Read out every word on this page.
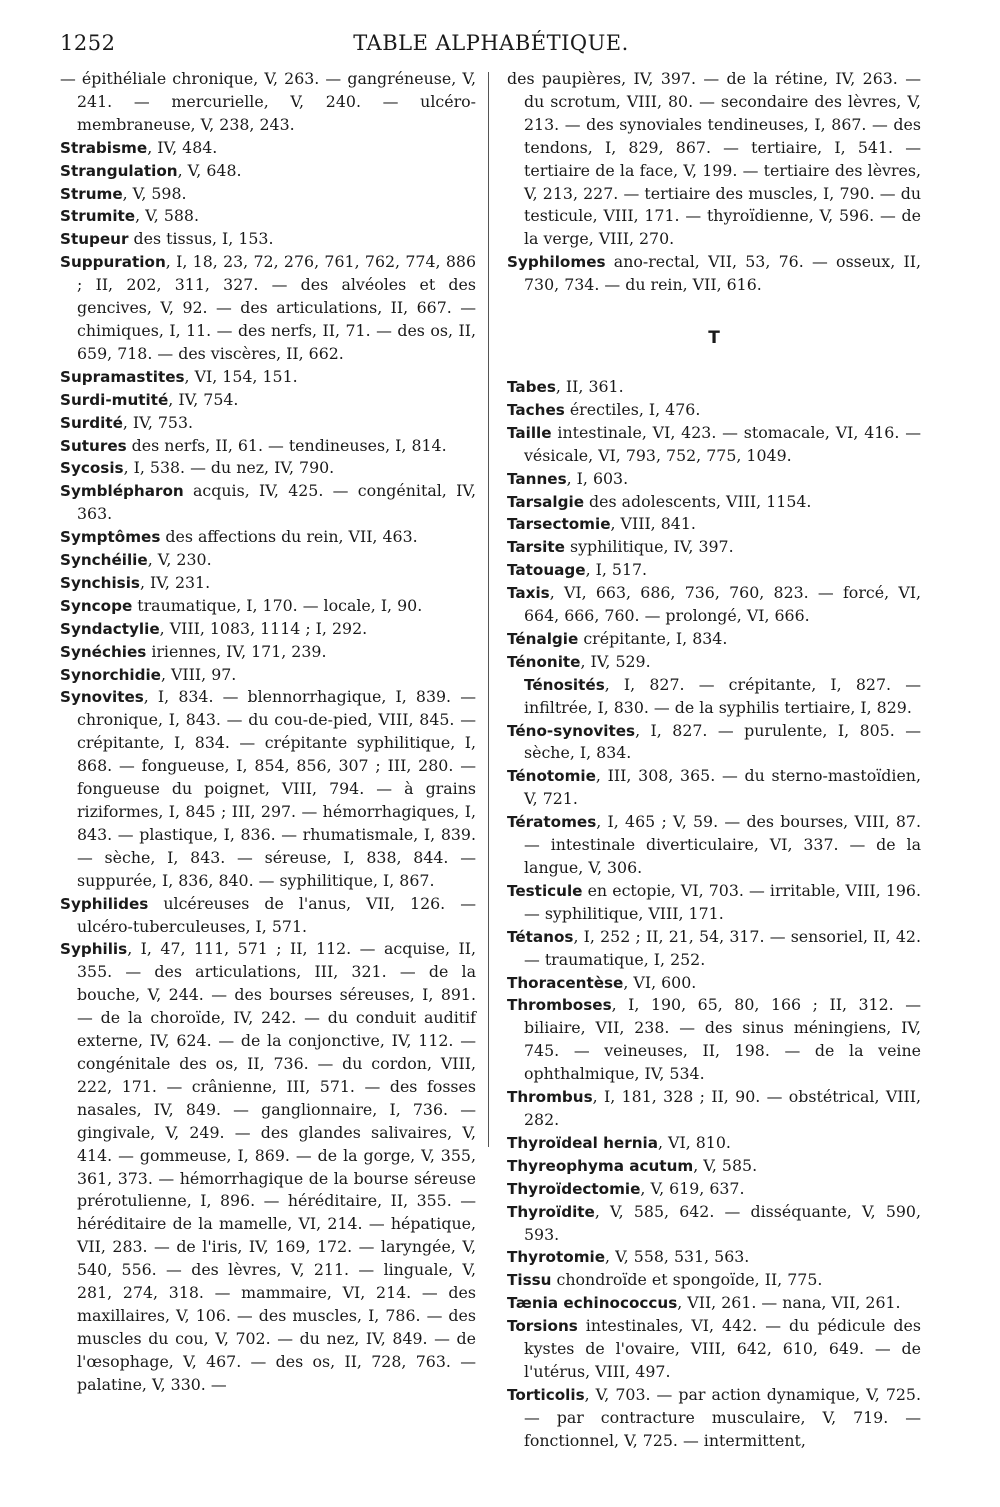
1252	TABLE ALPHABÉTIQUE.
— épithéliale chronique, V, 263. — gangréneuse, V, 241. — mercurielle, V, 240. — ulcéro-membraneuse, V, 238, 243.
Strabisme, IV, 484.
Strangulation, V, 648.
Strume, V, 598.
Strumite, V, 588.
Stupeur des tissus, I, 153.
Suppuration, I, 18, 23, 72, 276, 761, 762, 774, 886 ; II, 202, 311, 327. — des alvéoles et des gencives, V, 92. — des articulations, II, 667. — chimiques, I, 11. — des nerfs, II, 71. — des os, II, 659, 718. — des viscères, II, 662.
Supramastites, VI, 154, 151.
Surdi-mutité, IV, 754.
Surdité, IV, 753.
Sutures des nerfs, II, 61. — tendineuses, I, 814.
Sycosis, I, 538. — du nez, IV, 790.
Symblépharon acquis, IV, 425. — congénital, IV, 363.
Symptômes des affections du rein, VII, 463.
Synchéilie, V, 230.
Synchisis, IV, 231.
Syncope traumatique, I, 170. — locale, I, 90.
Syndactylie, VIII, 1083, 1114 ; I, 292.
Synéchies iriennes, IV, 171, 239.
Synorchidie, VIII, 97.
Synovites, I, 834. — blennorrhagique, I, 839. — chronique, I, 843. — du cou-de-pied, VIII, 845. — crépitante, I, 834. — crépitante syphilitique, I, 868. — fongueuse, I, 854, 856, 307 ; III, 280. — fongueuse du poignet, VIII, 794. — à grains riziformes, I, 845 ; III, 297. — hémorrhagiques, I, 843. — plastique, I, 836. — rhumatismale, I, 839. — sèche, I, 843. — séreuse, I, 838, 844. — suppurée, I, 836, 840. — syphilitique, I, 867.
Syphilides ulcéreuses de l'anus, VII, 126. — ulcéro-tuberculeuses, I, 571.
Syphilis, I, 47, 111, 571 ; II, 112. — acquise, II, 355. — des articulations, III, 321. — de la bouche, V, 244. — des bourses séreuses, I, 891. — de la choroïde, IV, 242. — du conduit auditif externe, IV, 624. — de la conjonctive, IV, 112. — congénitale des os, II, 736. — du cordon, VIII, 222, 171. — crânienne, III, 571. — des fosses nasales, IV, 849. — ganglionnaire, I, 736. — gingivale, V, 249. — des glandes salivaires, V, 414. — gommeuse, I, 869. — de la gorge, V, 355, 361, 373. — hémorrhagique de la bourse séreuse prérotulienne, I, 896. — héréditaire, II, 355. — héréditaire de la mamelle, VI, 214. — hépatique, VII, 283. — de l'iris, IV, 169, 172. — laryngée, V, 540, 556. — des lèvres, V, 211. — linguale, V, 281, 274, 318. — mammaire, VI, 214. — des maxillaires, V, 106. — des muscles, I, 786. — des muscles du cou, V, 702. — du nez, IV, 849. — de l'œsophage, V, 467. — des os, II, 728, 763. — palatine, V, 330. —
des paupières, IV, 397. — de la rétine, IV, 263. — du scrotum, VIII, 80. — secondaire des lèvres, V, 213. — des synoviales tendineuses, I, 867. — des tendons, I, 829, 867. — tertiaire, I, 541. — tertiaire de la face, V, 199. — tertiaire des lèvres, V, 213, 227. — tertiaire des muscles, I, 790. — du testicule, VIII, 171. — thyroïdienne, V, 596. — de la verge, VIII, 270.
Syphilomes ano-rectal, VII, 53, 76. — osseux, II, 730, 734. — du rein, VII, 616.
T
Tabes, II, 361.
Taches érectiles, I, 476.
Taille intestinale, VI, 423. — stomacale, VI, 416. — vésicale, VI, 793, 752, 775, 1049.
Tannes, I, 603.
Tarsalgie des adolescents, VIII, 1154.
Tarsectomie, VIII, 841.
Tarsite syphilitique, IV, 397.
Tatouage, I, 517.
Taxis, VI, 663, 686, 736, 760, 823. — forcé, VI, 664, 666, 760. — prolongé, VI, 666.
Ténalgie crépitante, I, 834.
Ténonite, IV, 529.
Ténosités, I, 827. — crépitante, I, 827. — infiltrée, I, 830. — de la syphilis tertiaire, I, 829.
Téno-synovites, I, 827. — purulente, I, 805. — sèche, I, 834.
Ténotomie, III, 308, 365. — du sterno-mastoïdien, V, 721.
Tératomes, I, 465 ; V, 59. — des bourses, VIII, 87. — intestinale diverticulaire, VI, 337. — de la langue, V, 306.
Testicule en ectopie, VI, 703. — irritable, VIII, 196. — syphilitique, VIII, 171.
Tétanos, I, 252 ; II, 21, 54, 317. — sensoriel, II, 42. — traumatique, I, 252.
Thoracentèse, VI, 600.
Thromboses, I, 190, 65, 80, 166 ; II, 312. — biliaire, VII, 238. — des sinus méningiens, IV, 745. — veineuses, II, 198. — de la veine ophthalmique, IV, 534.
Thrombus, I, 181, 328 ; II, 90. — obstétrical, VIII, 282.
Thyroïdeal hernia, VI, 810.
Thyreophyma acutum, V, 585.
Thyroïdectomie, V, 619, 637.
Thyroïdite, V, 585, 642. — disséquante, V, 590, 593.
Thyrotomie, V, 558, 531, 563.
Tissu chondroïde et spongoïde, II, 775.
Tænia echinococcus, VII, 261. — nana, VII, 261.
Torsions intestinales, VI, 442. — du pédicule des kystes de l'ovaire, VIII, 642, 610, 649. — de l'utérus, VIII, 497.
Torticolis, V, 703. — par action dynamique, V, 725. — par contracture musculaire, V, 719. — fonctionnel, V, 725. — intermittent,
